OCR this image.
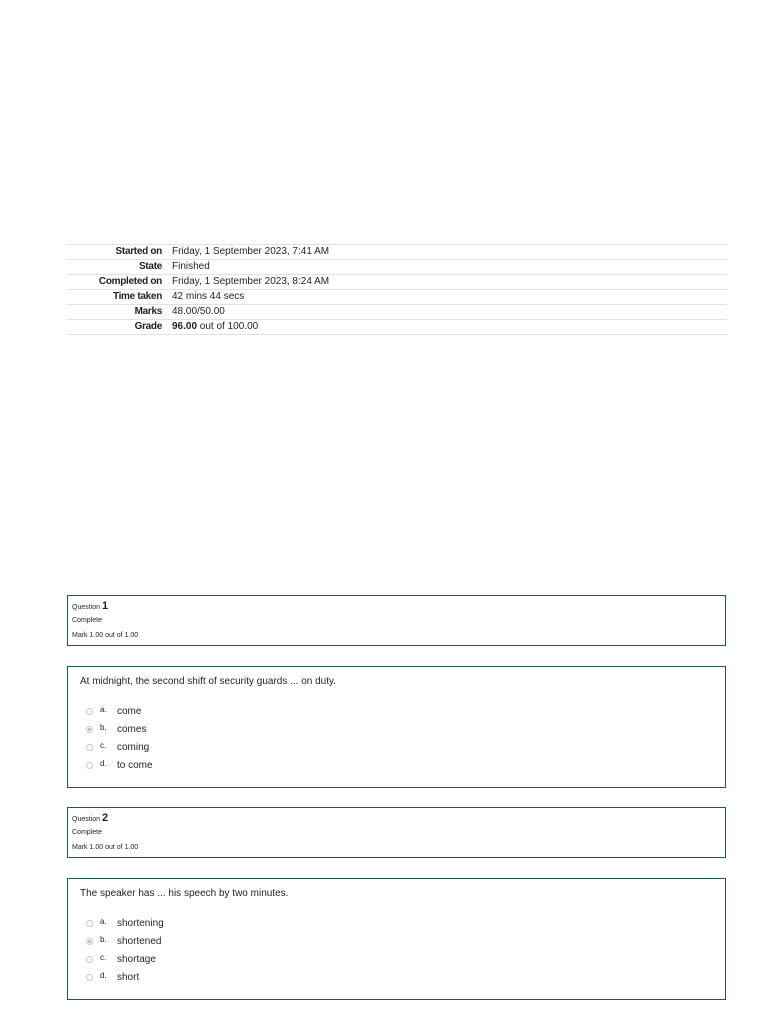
Started on	Friday, 1 September 2023, 7:41 AM
State	Finished
Completed on	Friday, 1 September 2023, 8:24 AM
Time taken	42 mins 44 secs
Marks	48.00/50.00
Grade	96.00 out of 100.00
Question 1
Complete
Mark 1.00 out of 1.00
At midnight, the second shift of security guards ... on duty.
a.	come
b.	comes
c.	coming
d.	to come
Question 2
Complete
Mark 1.00 out of 1.00
The speaker has ... his speech by two minutes.
a.	shortening
b.	shortened
c.	shortage
d.	short
